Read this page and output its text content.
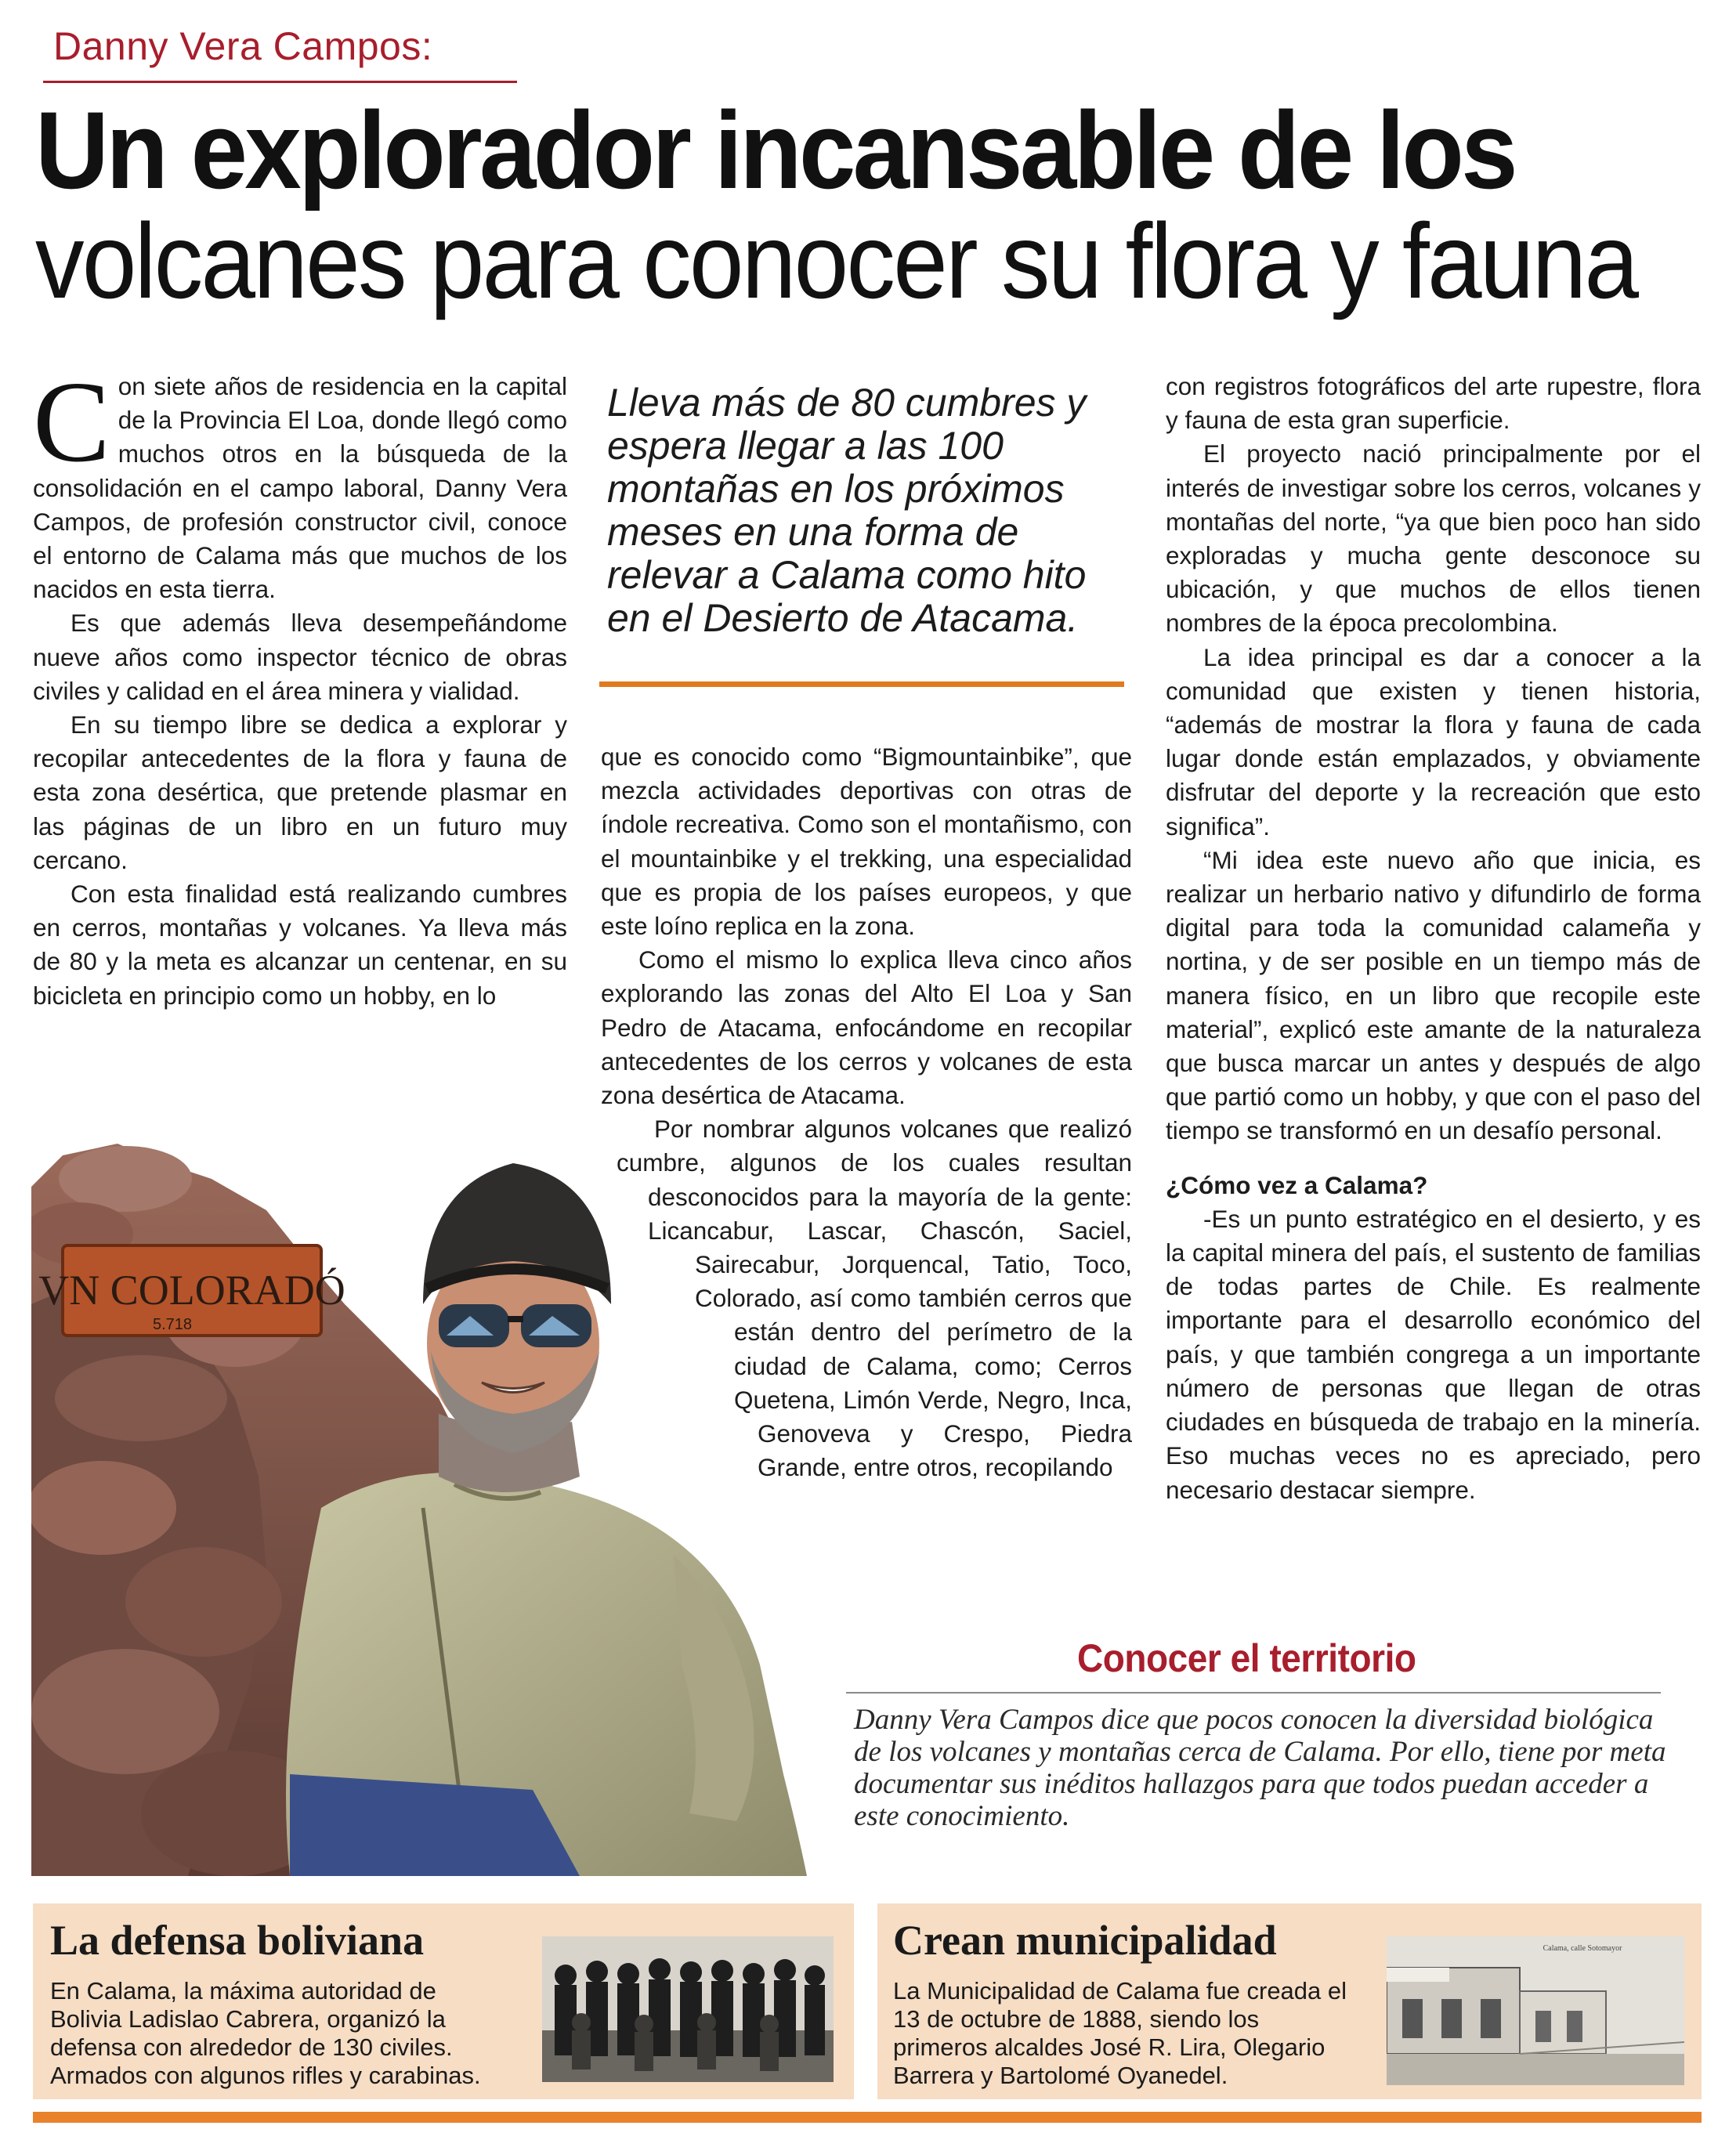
Danny Vera Campos:
Un explorador incansable de los
volcanes para conocer su flora y fauna
C on siete años de residencia en la capital de la Provincia El Loa, donde llegó como muchos otros en la búsqueda de la consolidación en el campo laboral, Danny Vera Campos, de profesión constructor civil, conoce el entorno de Calama más que muchos de los nacidos en esta tierra.

Es que además lleva desempeñándome nueve años como inspector técnico de obras civiles y calidad en el área minera y vialidad.

En su tiempo libre se dedica a explorar y recopilar antecedentes de la flora y fauna de esta zona desértica, que pretende plasmar en las páginas de un libro en un futuro muy cercano.

Con esta finalidad está realizando cumbres en cerros, montañas y volcanes. Ya lleva más de 80 y la meta es alcanzar un centenar, en su bicicleta en principio como un hobby, en lo

Lleva más de 80 cumbres y espera llegar a las 100 montañas en los próximos meses en una forma de relevar a Calama como hito en el Desierto de Atacama.

que es conocido como “Bigmountainbike”, que mezcla actividades deportivas con otras de índole recreativa. Como son el montañismo, con el mountainbike y el trekking, una especialidad que es propia de los países europeos, y que este loíno replica en la zona.

Como el mismo lo explica lleva cinco años explorando las zonas del Alto El Loa y San Pedro de Atacama, enfocándome en recopilar antecedentes de los cerros y volcanes de esta zona desértica de Atacama.

Por nombrar algunos volcanes que realizó cumbre, algunos de los cuales resultan desconocidos para la mayoría de la gente: Licancabur, Lascar, Chascón, Saciel, Sairecabur, Jorquencal, Tatio, Toco, Colorado, así como también cerros que están dentro del perímetro de la ciudad de Calama, como; Cerros Quetena, Limón Verde, Negro, Inca, Genoveva y Crespo, Piedra Grande, entre otros, recopilando

con registros fotográficos del arte rupestre, flora y fauna de esta gran superficie.

El proyecto nació principalmente por el interés de investigar sobre los cerros, volcanes y montañas del norte, “ya que bien poco han sido exploradas y mucha gente desconoce su ubicación, y que muchos de ellos tienen nombres de la época precolombina.

La idea principal es dar a conocer a la comunidad que existen y tienen historia, “además de mostrar la flora y fauna de cada lugar donde están emplazados, y obviamente disfrutar del deporte y la recreación que esto significa”.

“Mi idea este nuevo año que inicia, es realizar un herbario nativo y difundirlo de forma digital para toda la comunidad calameña y nortina, y de ser posible en un tiempo más de manera físico, en un libro que recopile este material”, explicó este amante de la naturaleza que busca marcar un antes y después de algo que partió como un hobby, y que con el paso del tiempo se transformó en un desafío personal.

¿Cómo vez a Calama?

-Es un punto estratégico en el desierto, y es la capital minera del país, el sustento de familias de todas partes de Chile. Es realmente importante para el desarrollo económico del país, y que también congrega a un importante número de personas que llegan de otras ciudades en búsqueda de trabajo en la minería. Eso muchas veces no es apreciado, pero necesario destacar siempre.

VN COLORADÓ
5.718
Conocer el territorio
Danny Vera Campos dice que pocos conocen la diversidad biológica de los volcanes y montañas cerca de Calama. Por ello, tiene por meta documentar sus inéditos hallazgos para que todos puedan acceder a este conocimiento.
La defensa boliviana
En Calama, la máxima autoridad de Bolivia Ladislao Cabrera, organizó la defensa con alrededor de 130 civiles. Armados con algunos rifles y carabinas.
Crean municipalidad
La Municipalidad de Calama fue creada el 13 de octubre de 1888, siendo los primeros alcaldes José R. Lira, Olegario Barrera y Bartolomé Oyanedel.
Calama, calle Sotomayor
